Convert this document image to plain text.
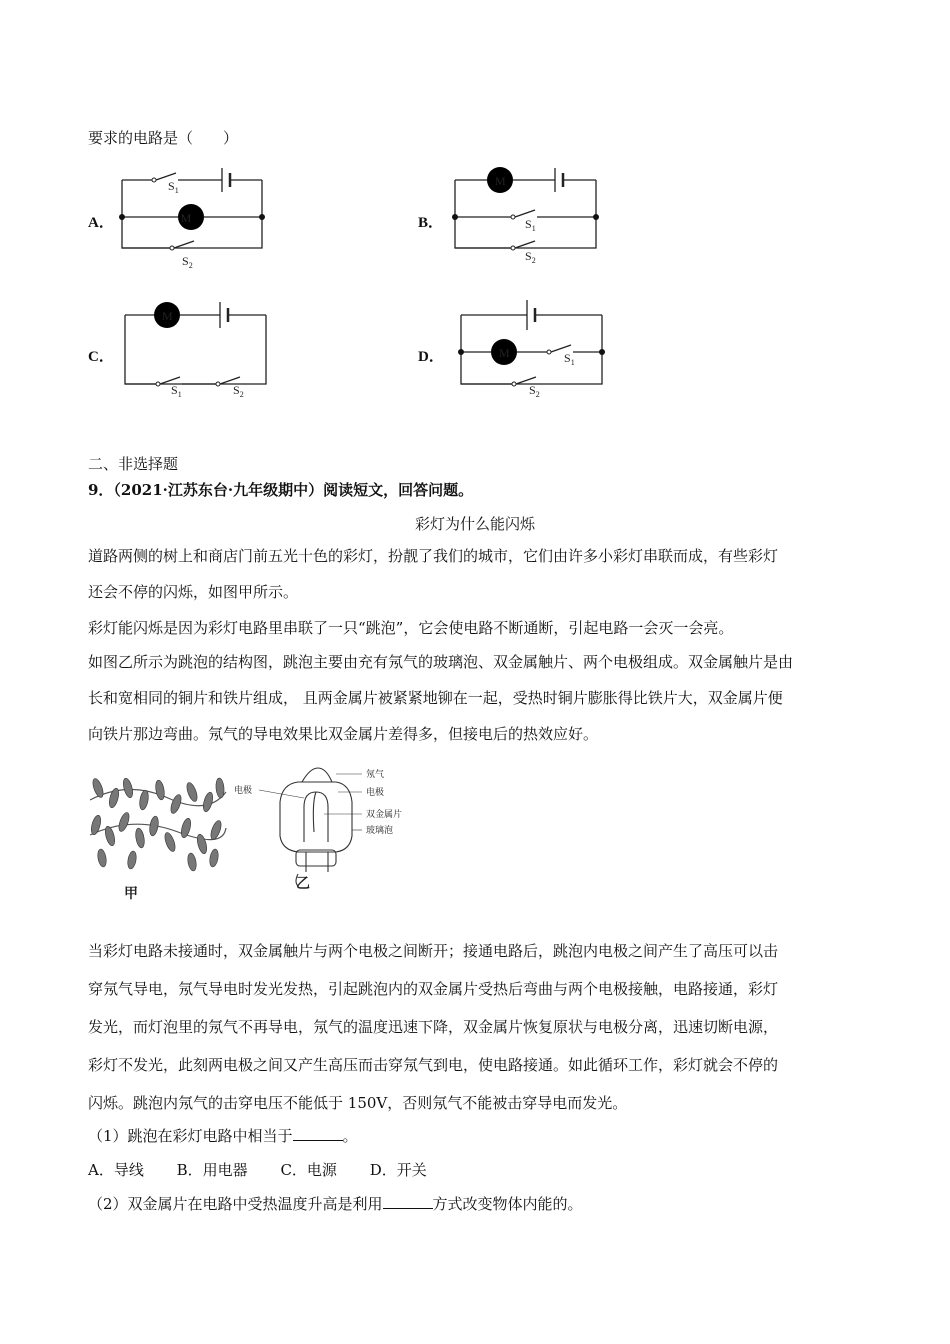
要求的电路是（　　）
A．	M
$S_1$
$S_2$
B．
M
$S_1$
$S_2$
C．
M
$S_1$	$S_2$
D．	M	$S_1$
$S_2$
二、非选择题
9．（2021·江苏东台·九年级期中）阅读短文，回答问题。
彩灯为什么能闪烁
道路两侧的树上和商店门前五光十色的彩灯，扮靓了我们的城市，它们由许多小彩灯串联而成，有些彩灯
还会不停的闪烁，如图甲所示。
彩灯能闪烁是因为彩灯电路里串联了一只“跳泡”，它会使电路不断通断，引起电路一会灭一会亮。
如图乙所示为跳泡的结构图，跳泡主要由充有氖气的玻璃泡、双金属触片、两个电极组成。双金属触片是由
长和宽相同的铜片和铁片组成， 且两金属片被紧紧地铆在一起，受热时铜片膨胀得比铁片大，双金属片便
向铁片那边弯曲。氖气的导电效果比双金属片差得多，但接电后的热效应好。
甲
电极
氖气
电极
双金属片
玻璃泡
乙
当彩灯电路未接通时，双金属触片与两个电极之间断开；接通电路后，跳泡内电极之间产生了高压可以击
穿氖气导电，氖气导电时发光发热，引起跳泡内的双金属片受热后弯曲与两个电极接触，电路接通，彩灯
发光，而灯泡里的氖气不再导电，氖气的温度迅速下降，双金属片恢复原状与电极分离，迅速切断电源，
彩灯不发光，此刻两电极之间又产生高压而击穿氖气到电，使电路接通。如此循环工作，彩灯就会不停的
闪烁。跳泡内氖气的击穿电压不能低于 150V，否则氖气不能被击穿导电而发光。
（1）跳泡在彩灯电路中相当于	。
A．导线 B．用电器 C．电源 D．开关
（2）双金属片在电路中受热温度升高是利用	方式改变物体内能的。
